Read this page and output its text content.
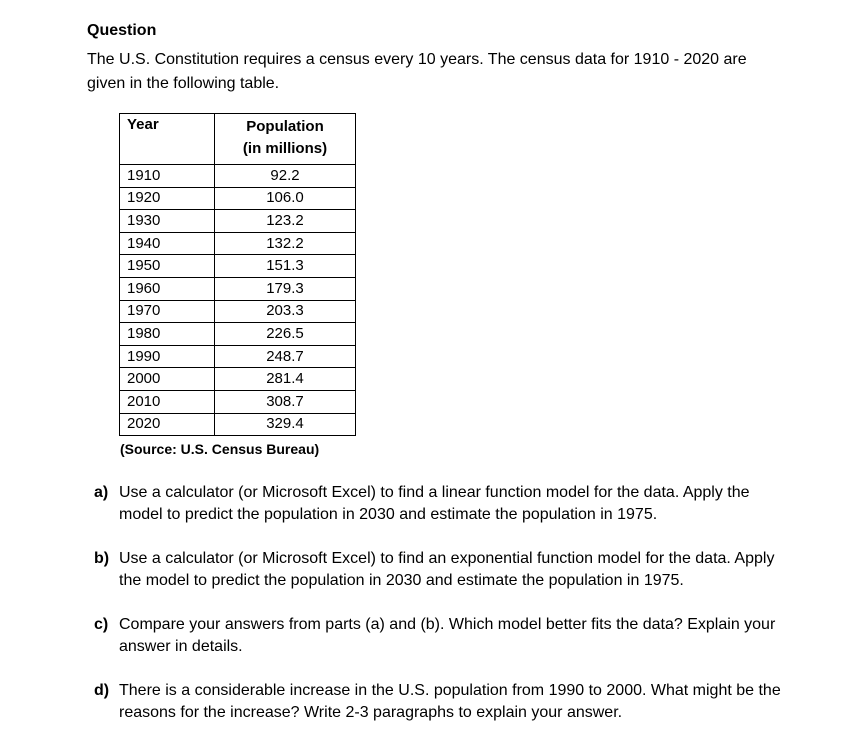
Question

The U.S. Constitution requires a census every 10 years. The census data for 1910 - 2020 are given in the following table.

Year	Population
(in millions)
1910	92.2
1920	106.0
1930	123.2
1940	132.2
1950	151.3
1960	179.3
1970	203.3
1980	226.5
1990	248.7
2000	281.4
2010	308.7
2020	329.4

(Source: U.S. Census Bureau)

a) Use a calculator (or Microsoft Excel) to find a linear function model for the data. Apply the model to predict the population in 2030 and estimate the population in 1975.
b) Use a calculator (or Microsoft Excel) to find an exponential function model for the data. Apply the model to predict the population in 2030 and estimate the population in 1975.
c) Compare your answers from parts (a) and (b). Which model better fits the data? Explain your answer in details.
d) There is a considerable increase in the U.S. population from 1990 to 2000. What might be the reasons for the increase? Write 2-3 paragraphs to explain your answer.
